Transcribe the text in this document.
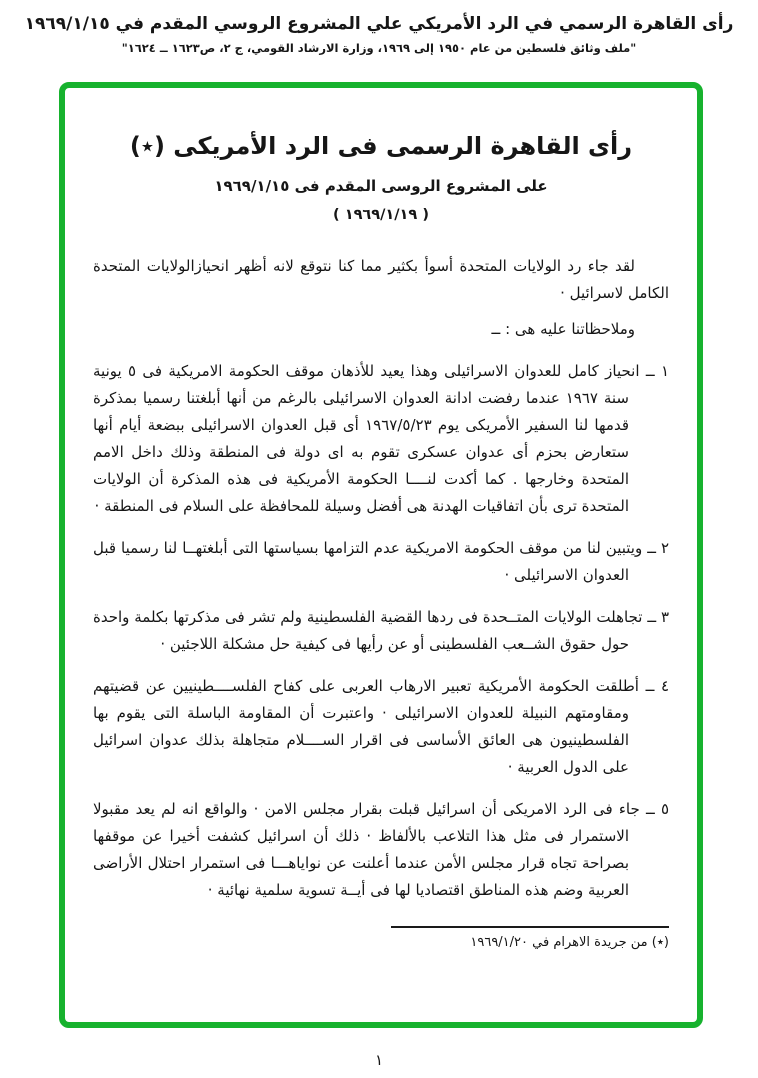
رأى القاهرة الرسمي في الرد الأمريكي علي المشروع الروسي المقدم في ١٩٦٩/١/١٥
"ملف وثائق فلسطين من عام ١٩٥٠ إلى ١٩٦٩، وزارة الارشاد القومي، ج ٢، ص١٦٢٣ ــ ١٦٢٤"
رأى القاهرة الرسمى فى الرد الأمريكى (٭)
على المشروع الروسى المقدم فى ١٩٦٩/١/١٥
( ١٩٦٩/١/١٩ )

لقد جاء رد الولايات المتحدة أسوأ بكثير مما كنا نتوقع لانه أظهر انحيازالولايات المتحدة الكامل لاسرائيل ·

وملاحظاتنا عليه هى : ــ

١ ــ انحياز كامل للعدوان الاسرائيلى وهذا يعيد للأذهان موقف الحكومة الامريكية فى ٥ يونية سنة ١٩٦٧ عندما رفضت ادانة العدوان الاسرائيلى بالرغم من أنها أبلغتنا رسميا بمذكرة قدمها لنا السفير الأمريكى يوم ١٩٦٧/٥/٢٣ أى قبل العدوان الاسرائيلى ببضعة أيام أنها ستعارض بحزم أى عدوان عسكرى تقوم به اى دولة فى المنطقة وذلك داخل الامم المتحدة وخارجها . كما أكدت لنــــا الحكومة الأمريكية فى هذه المذكرة أن الولايات المتحدة ترى بأن اتفاقيات الهدنة هى أفضل وسيلة للمحافظة على السلام فى المنطقة ·
٢ ــ ويتبين لنا من موقف الحكومة الامريكية عدم التزامها بسياستها التى أبلغتهــا لنا رسميا قبل العدوان الاسرائيلى ·
٣ ــ تجاهلت الولايات المتــحدة فى ردها القضية الفلسطينية ولم تشر فى مذكرتها بكلمة واحدة حول حقوق الشــعب الفلسطينى أو عن رأيها فى كيفية حل مشكلة اللاجئين ·
٤ ــ أطلقت الحكومة الأمريكية تعبير الارهاب العربى على كفاح الفلســــطينيين عن قضيتهم ومقاومتهم النبيلة للعدوان الاسرائيلى · واعتبرت أن المقاومة الباسلة التى يقوم بها الفلسطينيون هى العائق الأساسى فى اقرار الســــلام متجاهلة بذلك عدوان اسرائيل على الدول العربية ·
٥ ــ جاء فى الرد الامريكى أن اسرائيل قبلت بقرار مجلس الامن · والواقع انه لم يعد مقبولا الاستمرار فى مثل هذا التلاعب بالألفاظ · ذلك أن اسرائيل كشفت أخيرا عن موقفها بصراحة تجاه قرار مجلس الأمن عندما أعلنت عن نواياهـــا فى استمرار احتلال الأراضى العربية وضم هذه المناطق اقتصاديا لها فى أيــة تسوية سلمية نهائية ·
(٭) من جريدة الاهرام في ١٩٦٩/١/٢٠
١
